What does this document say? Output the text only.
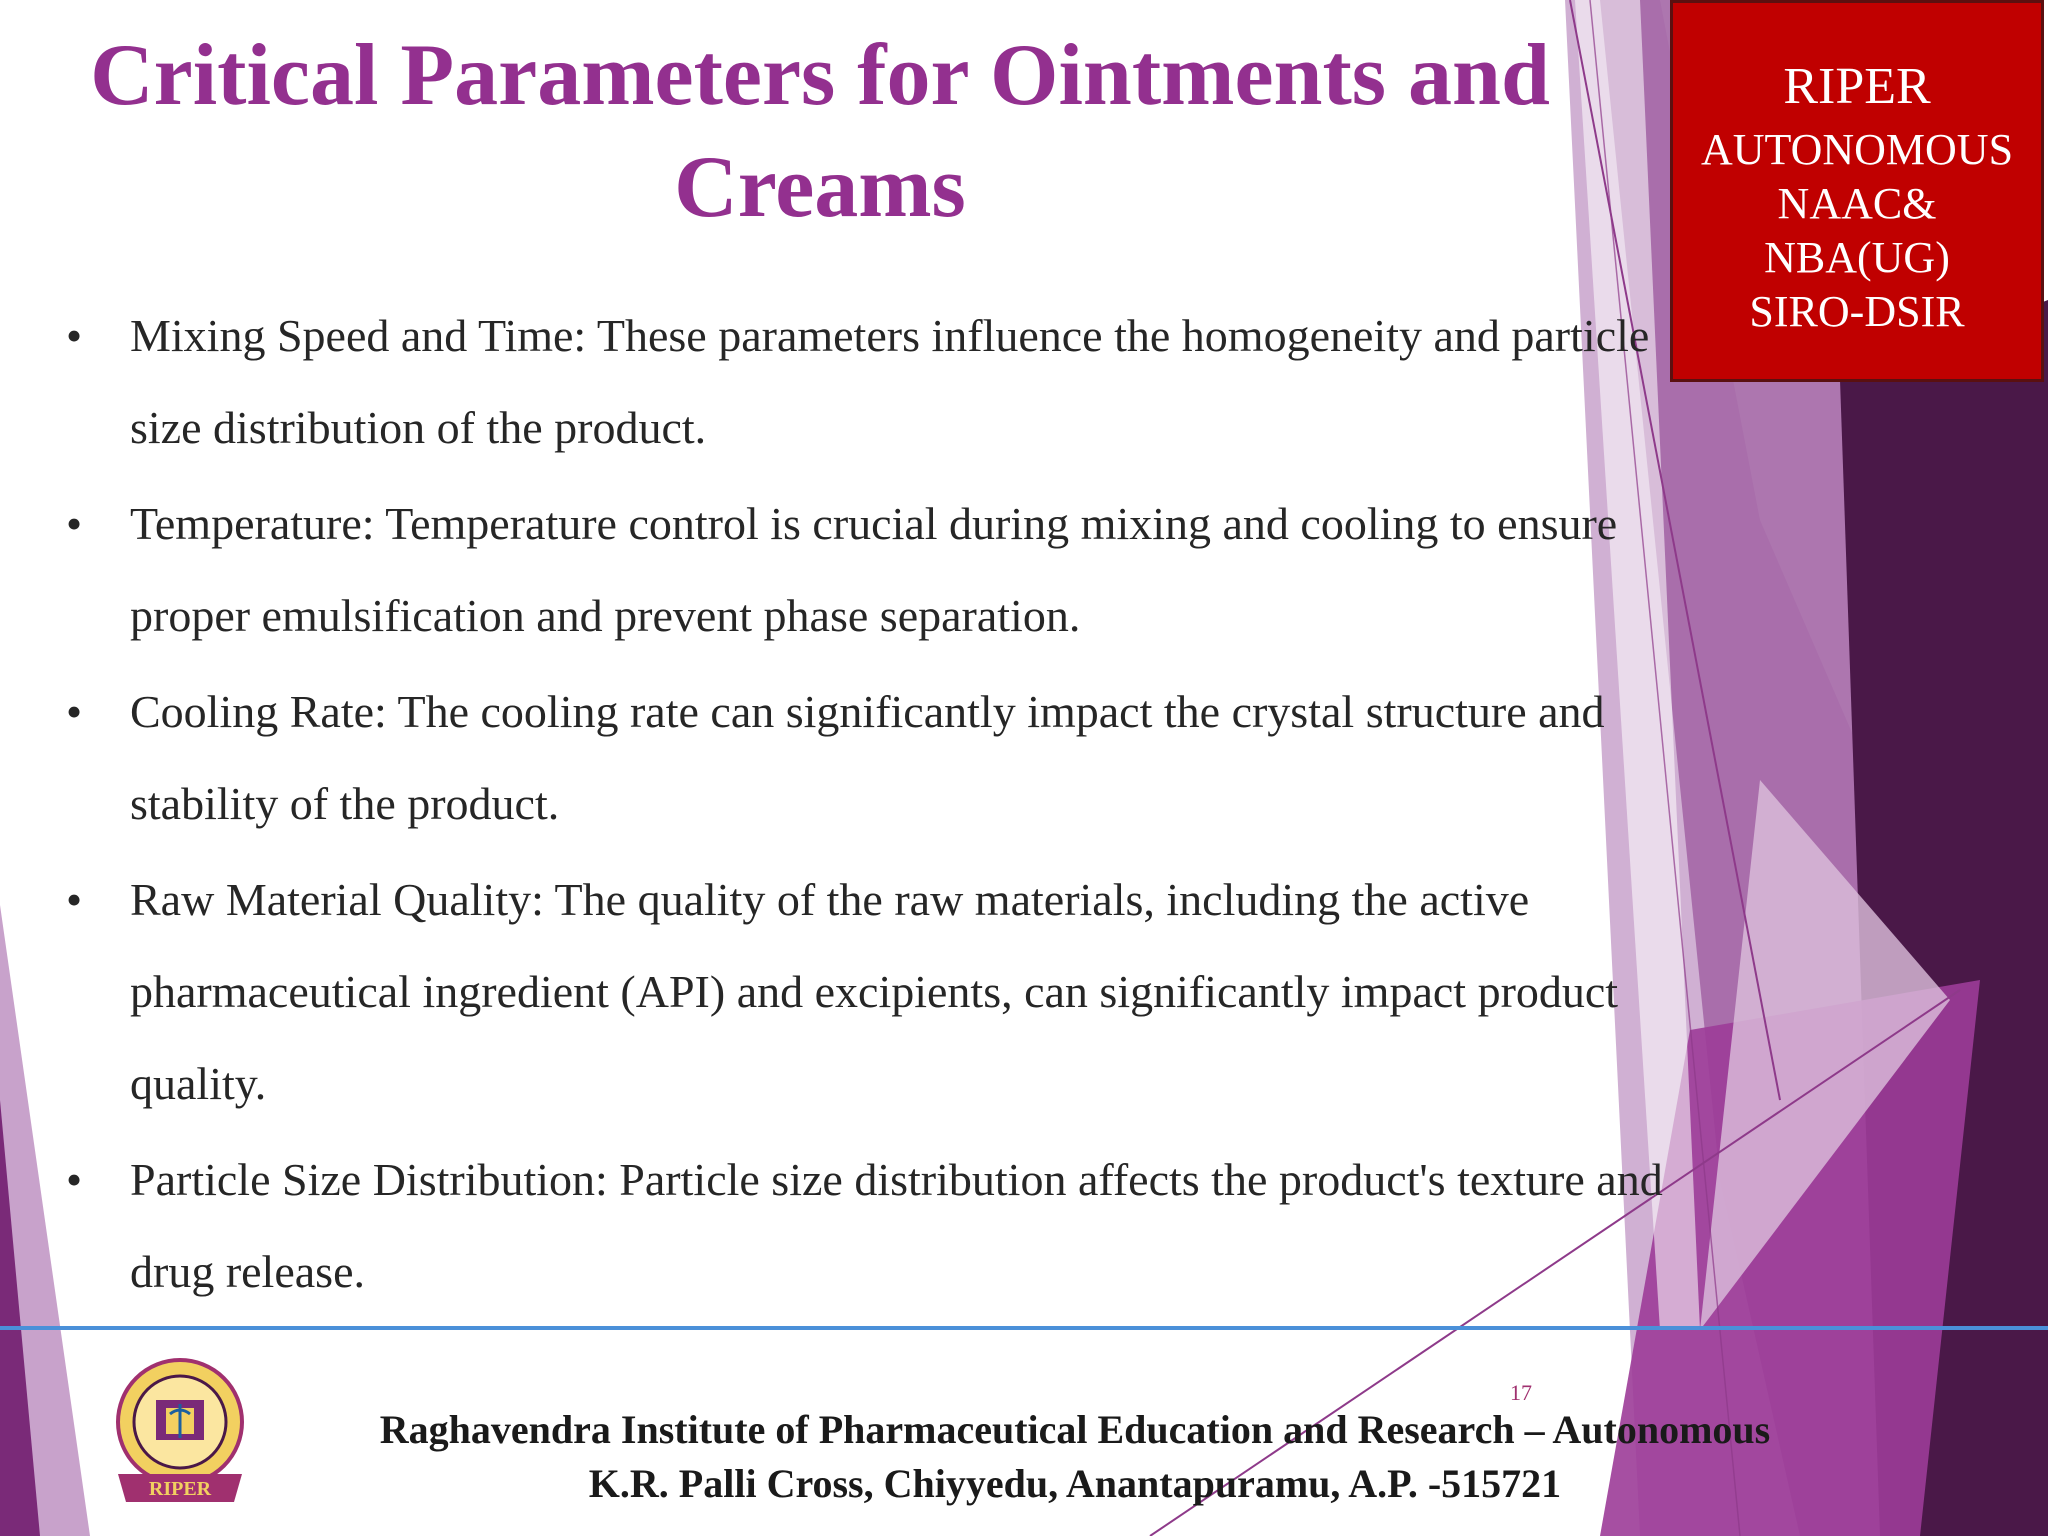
Critical Parameters for Ointments and Creams
RIPER
AUTONOMOUS
NAAC&
NBA(UG)
SIRO-DSIR
• Mixing Speed and Time: These parameters influence the homogeneity and particle size distribution of the product.
• Temperature: Temperature control is crucial during mixing and cooling to ensure proper emulsification and prevent phase separation.
• Cooling Rate: The cooling rate can significantly impact the crystal structure and stability of the product.
• Raw Material Quality: The quality of the raw materials, including the active pharmaceutical ingredient (API) and excipients, can significantly impact product quality.
• Particle Size Distribution: Particle size distribution affects the product's texture and drug release.
RIPER
17
Raghavendra Institute of Pharmaceutical Education and Research – Autonomous
K.R. Palli Cross, Chiyyedu, Anantapuramu, A.P. -515721
